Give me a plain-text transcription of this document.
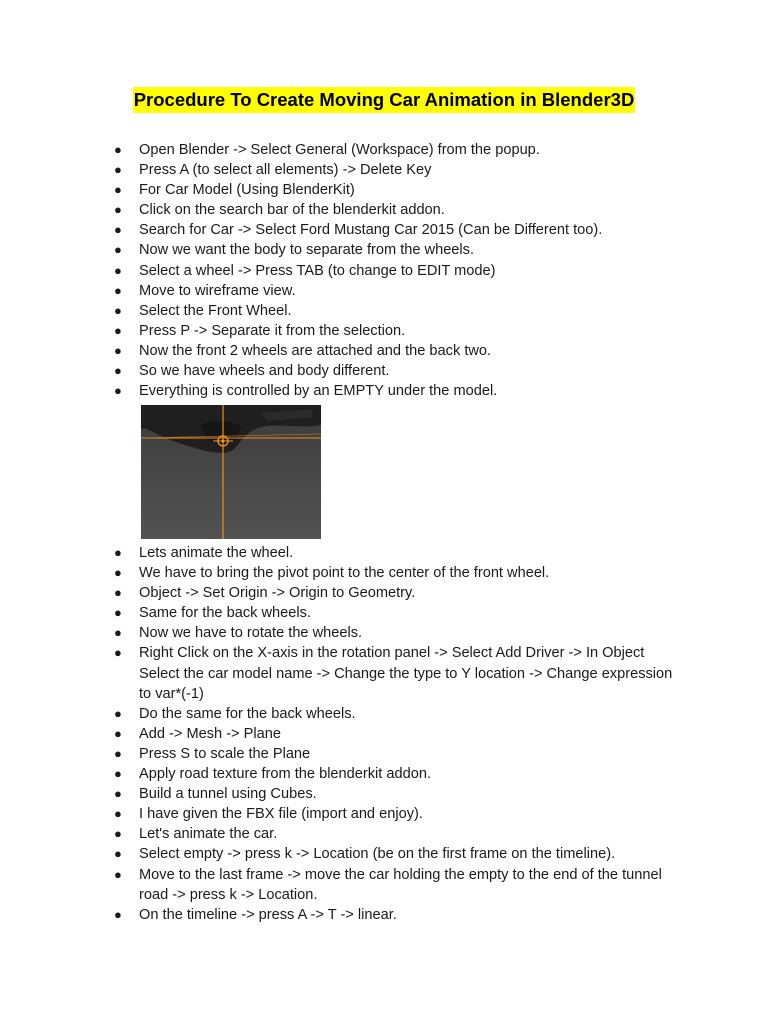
Procedure To Create Moving Car Animation in Blender3D
● Open Blender -> Select General (Workspace) from the popup.
● Press A (to select all elements) -> Delete Key
● For Car Model (Using BlenderKit)
● Click on the search bar of the blenderkit addon.
● Search for Car -> Select Ford Mustang Car 2015 (Can be Different too).
● Now we want the body to separate from the wheels.
● Select a wheel -> Press TAB (to change to EDIT mode)
● Move to wireframe view.
● Select the Front Wheel.
● Press P -> Separate it from the selection.
● Now the front 2 wheels are attached and the back two.
● So we have wheels and body different.
● Everything is controlled by an EMPTY under the model.
● Lets animate the wheel.
● We have to bring the pivot point to the center of the front wheel.
● Object -> Set Origin -> Origin to Geometry.
● Same for the back wheels.
● Now we have to rotate the wheels.
● Right Click on the X-axis in the rotation panel -> Select Add Driver -> In Object Select the car model name -> Change the type to Y location -> Change expression to var*(-1)
● Do the same for the back wheels.
● Add -> Mesh -> Plane
● Press S to scale the Plane
● Apply road texture from the blenderkit addon.
● Build a tunnel using Cubes.
● I have given the FBX file (import and enjoy).
● Let's animate the car.
● Select empty -> press k -> Location (be on the first frame on the timeline).
● Move to the last frame -> move the car holding the empty to the end of the tunnel road -> press k -> Location.
● On the timeline -> press A -> T -> linear.
